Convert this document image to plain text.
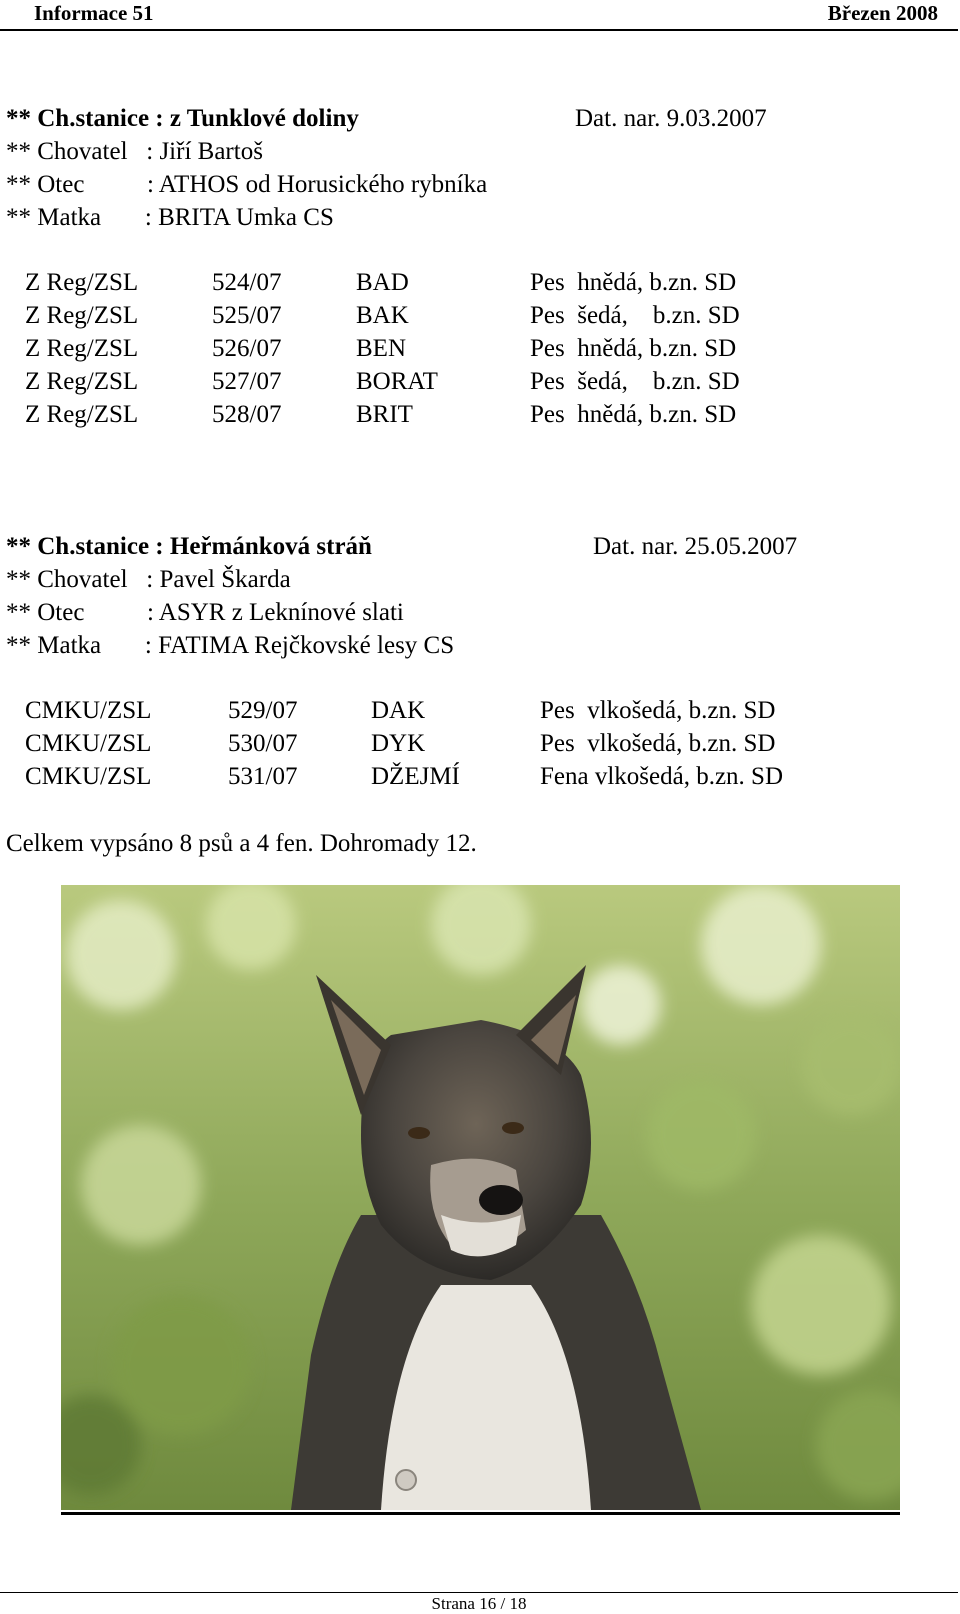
Informace 51	Březen 2008
** Ch.stanice : z Tunklové doliny	Dat. nar. 9.03.2007
** Chovatel   : Jiří Bartoš
** Otec          : ATHOS od Horusického rybníka
** Matka       : BRITA Umka CS
Z Reg/ZSL	524/07	BAD	Pes  hnědá, b.zn. SD
Z Reg/ZSL	525/07	BAK	Pes  šedá,    b.zn. SD
Z Reg/ZSL	526/07	BEN	Pes  hnědá, b.zn. SD
Z Reg/ZSL	527/07	BORAT	Pes  šedá,    b.zn. SD
Z Reg/ZSL	528/07	BRIT	Pes  hnědá, b.zn. SD
** Ch.stanice : Heřmánková stráň	Dat. nar. 25.05.2007
** Chovatel   : Pavel Škarda
** Otec          : ASYR z Leknínové slati
** Matka       : FATIMA Rejčkovské lesy CS
CMKU/ZSL	529/07	DAK	Pes  vlkošedá, b.zn. SD
CMKU/ZSL	530/07	DYK	Pes  vlkošedá, b.zn. SD
CMKU/ZSL	531/07	DŽEJMÍ	Fena vlkošedá, b.zn. SD
Celkem vypsáno 8 psů a 4 fen. Dohromady 12.
Strana 16 / 18
